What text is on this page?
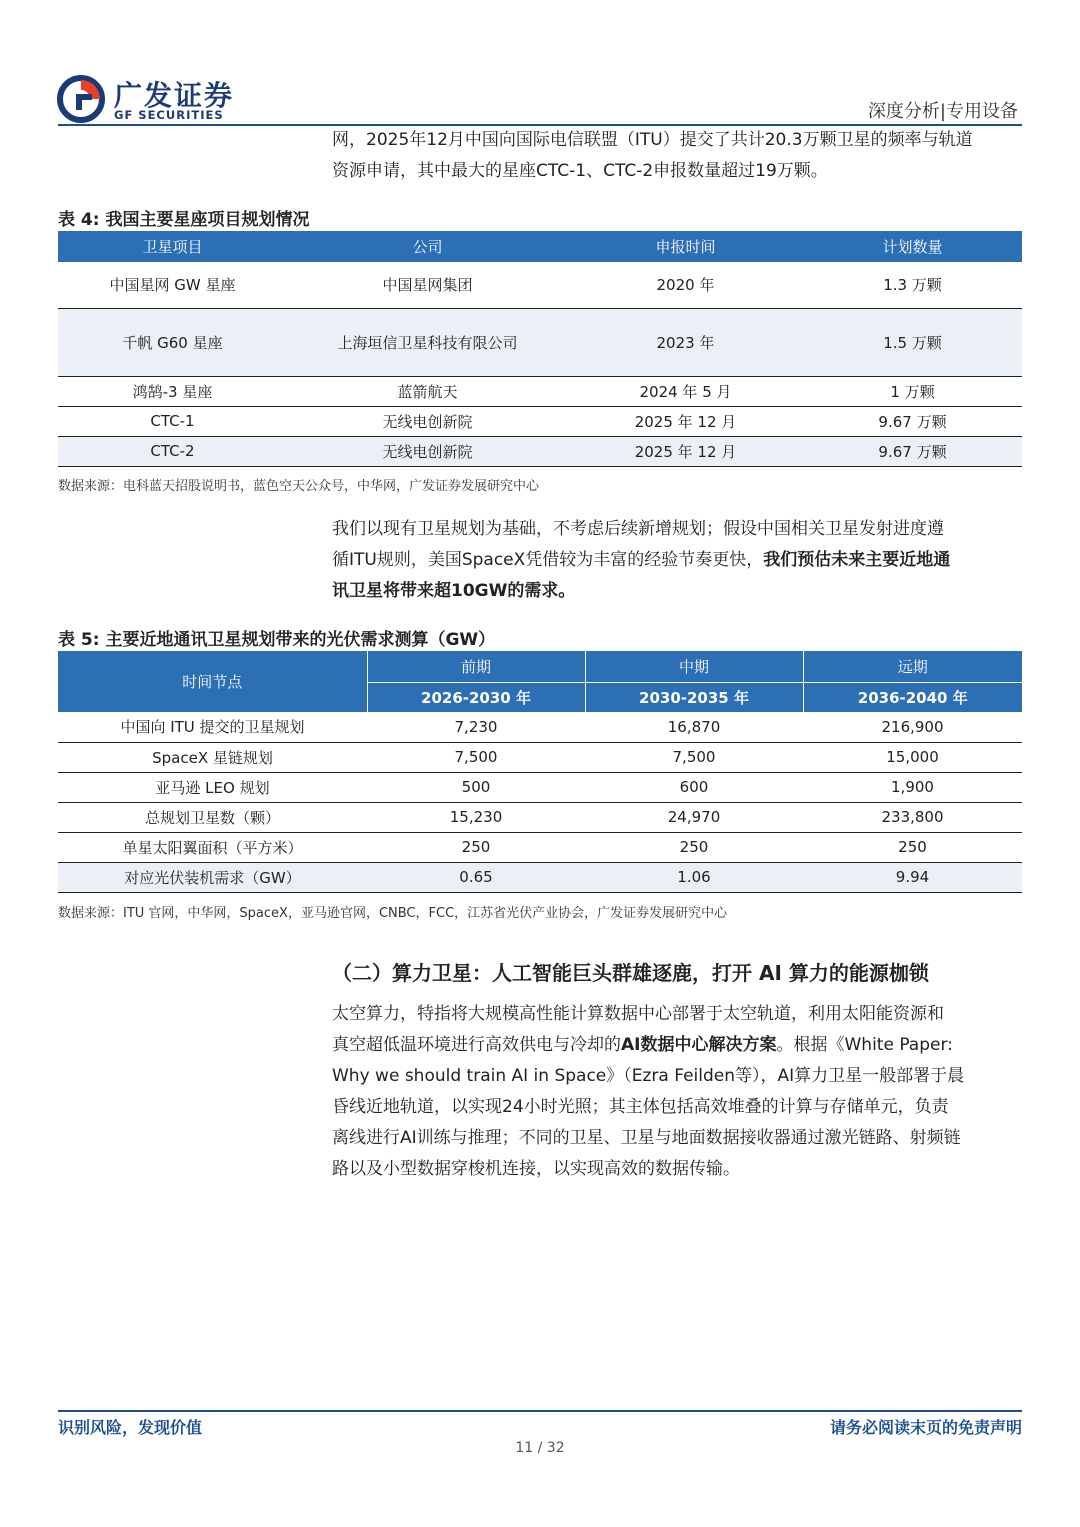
广发证券
GF SECURITIES	深度分析|专用设备

网，2025年12月中国向国际电信联盟（ITU）提交了共计20.3万颗卫星的频率与轨道

资源申请，其中最大的星座CTC-1、CTC-2申报数量超过19万颗。

表 4: 我国主要星座项目规划情况
卫星项目	公司	申报时间	计划数量
中国星网 GW 星座	中国星网集团	2020 年	1.3 万颗
千帆 G60 星座	上海垣信卫星科技有限公司	2023 年	1.5 万颗
鸿鹄-3 星座	蓝箭航天	2024 年 5 月	1 万颗
CTC-1	无线电创新院	2025 年 12 月	9.67 万颗
CTC-2	无线电创新院	2025 年 12 月	9.67 万颗
数据来源：电科蓝天招股说明书，蓝色空天公众号，中华网，广发证券发展研究中心

我们以现有卫星规划为基础，不考虑后续新增规划；假设中国相关卫星发射进度遵

循ITU规则，美国SpaceX凭借较为丰富的经验节奏更快，我们预估未来主要近地通

讯卫星将带来超10GW的需求。

表 5: 主要近地通讯卫星规划带来的光伏需求测算（GW）
时间节点	前期	中期	远期
	2026-2030 年	2030-2035 年	2036-2040 年
中国向 ITU 提交的卫星规划	7,230	16,870	216,900
SpaceX 星链规划	7,500	7,500	15,000
亚马逊 LEO 规划	500	600	1,900
总规划卫星数（颗）	15,230	24,970	233,800
单星太阳翼面积（平方米）	250	250	250
对应光伏装机需求（GW）	0.65	1.06	9.94
数据来源：ITU 官网，中华网，SpaceX，亚马逊官网，CNBC，FCC，江苏省光伏产业协会，广发证券发展研究中心
（二）算力卫星：人工智能巨头群雄逐鹿，打开 AI 算力的能源枷锁

太空算力，特指将大规模高性能计算数据中心部署于太空轨道，利用太阳能资源和

真空超低温环境进行高效供电与冷却的AI数据中心解决方案。根据《White Paper:

Why we should train AI in Space》（Ezra Feilden等），AI算力卫星一般部署于晨

昏线近地轨道，以实现24小时光照；其主体包括高效堆叠的计算与存储单元，负责

离线进行AI训练与推理；不同的卫星、卫星与地面数据接收器通过激光链路、射频链

路以及小型数据穿梭机连接，以实现高效的数据传输。

识别风险，发现价值	请务必阅读末页的免责声明
11 / 32
